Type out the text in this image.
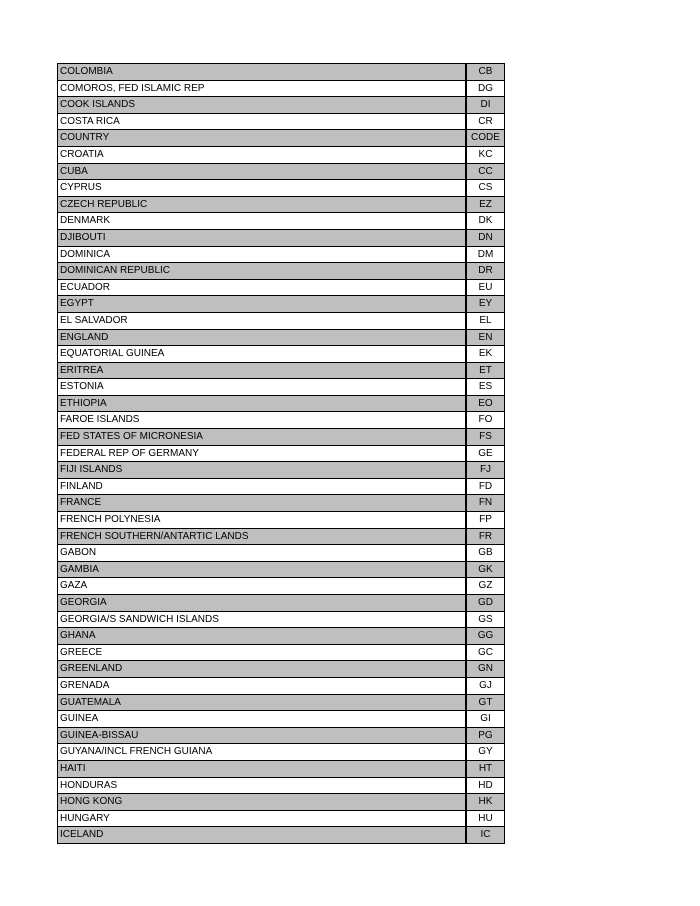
COLOMBIA		CB
COMOROS, FED ISLAMIC REP		DG
COOK ISLANDS		DI
COSTA RICA		CR
COUNTRY		CODE
CROATIA		KC
CUBA		CC
CYPRUS		CS
CZECH REPUBLIC		EZ
DENMARK		DK
DJIBOUTI		DN
DOMINICA		DM
DOMINICAN REPUBLIC		DR
ECUADOR		EU
EGYPT		EY
EL SALVADOR		EL
ENGLAND		EN
EQUATORIAL GUINEA		EK
ERITREA		ET
ESTONIA		ES
ETHIOPIA		EO
FAROE ISLANDS		FO
FED STATES OF MICRONESIA		FS
FEDERAL REP OF GERMANY		GE
FIJI ISLANDS		FJ
FINLAND		FD
FRANCE		FN
FRENCH POLYNESIA		FP
FRENCH SOUTHERN/ANTARTIC LANDS		FR
GABON		GB
GAMBIA		GK
GAZA		GZ
GEORGIA		GD
GEORGIA/S SANDWICH ISLANDS		GS
GHANA		GG
GREECE		GC
GREENLAND		GN
GRENADA		GJ
GUATEMALA		GT
GUINEA		GI
GUINEA-BISSAU		PG
GUYANA/INCL FRENCH GUIANA		GY
HAITI		HT
HONDURAS		HD
HONG KONG		HK
HUNGARY		HU
ICELAND		IC
